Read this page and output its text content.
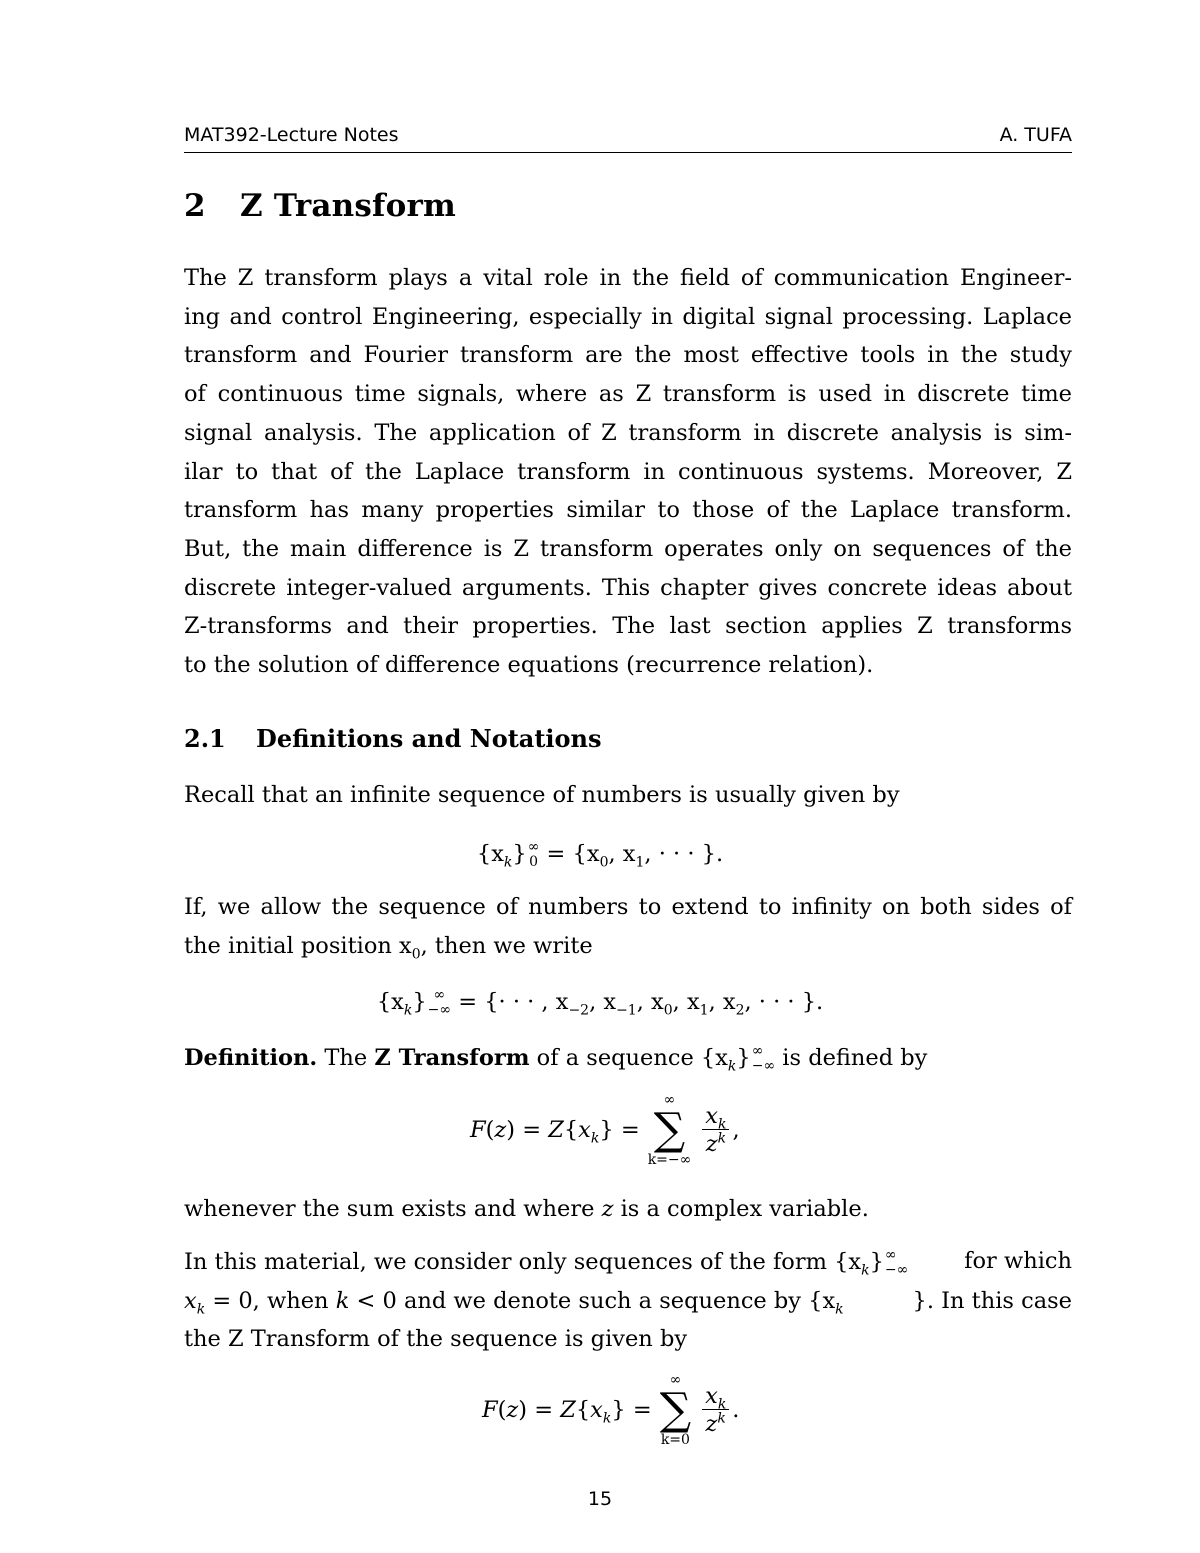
MAT392-Lecture Notes	A. TUFA
2 Z Transform
The Z transform plays a vital role in the field of communication Engineer-
ing and control Engineering, especially in digital signal processing. Laplace
transform and Fourier transform are the most effective tools in the study
of continuous time signals, where as Z transform is used in discrete time
signal analysis. The application of Z transform in discrete analysis is sim-
ilar to that of the Laplace transform in continuous systems. Moreover, Z
transform has many properties similar to those of the Laplace transform.
But, the main difference is Z transform operates only on sequences of the
discrete integer-valued arguments. This chapter gives concrete ideas about
Z-transforms and their properties. The last section applies Z transforms
to the solution of difference equations (recurrence relation).
2.1 Definitions and Notations
Recall that an infinite sequence of numbers is usually given by
$\{x_k\}$ ∞
$0 = \{x_0$, $x_1$, · · · }.
If, we allow the sequence of numbers to extend to infinity on both sides of
the initial position $x_0$, then we write
$\{x_k\}$ ∞
−∞ = {· · · , $x_{-2}$, $x_{-1}$, $x_0$, $x_1$, $x_2$, · · · }.
Definition. The Z Transform of a sequence $\{x_k\}$ ∞
−∞ is defined by
$F(z) = Z\{x_k\}$ =
∞
∑
k=−∞
$\frac{x_k}{z^k}$ ,
whenever the sum exists and where z is a complex variable.
In this material, we consider only sequences of the form $\{x_k\}$ ∞
−∞ for which
$x_k = 0$, when k < 0 and we denote such a sequence by {$x_k$	}. In this case
the Z Transform of the sequence is given by
$F(z) = Z\{x_k\}$ =
∞
∑
k=0
$\frac{x_k}{z^k}$ .
15
